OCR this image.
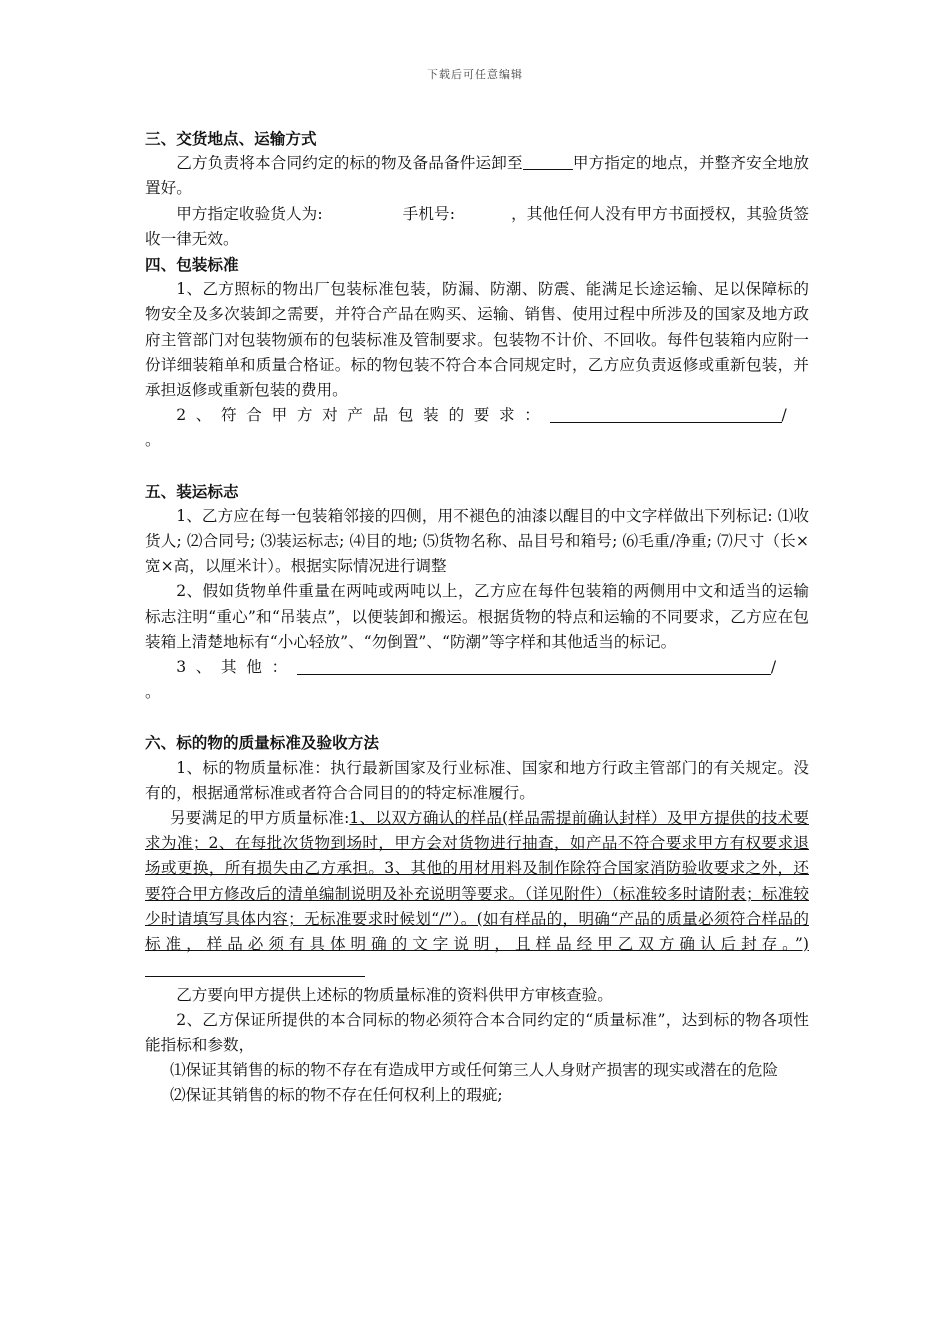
下载后可任意编辑

三、交货地点、运输方式

乙方负责将本合同约定的标的物及备品备件运卸至	甲方指定的地点，并整齐安全地放置好。

甲方指定收验货人为:	手机号:	，其他任何人没有甲方书面授权，其验货签收一律无效。

四、包装标准

1、乙方照标的物出厂包装标准包装，防漏、防潮、防震、能满足长途运输、足以保障标的物安全及多次装卸之需要，并符合产品在购买、运输、销售、使用过程中所涉及的国家及地方政府主管部门对包装物颁布的包装标准及管制要求。包装物不计价、不回收。每件包装箱内应附一份详细装箱单和质量合格证。标的物包装不符合本合同规定时，乙方应负责返修或重新包装，并承担返修或重新包装的费用。

2、符合甲方对产品包装的要求：	/

。

五、装运标志

1、乙方应在每一包装箱邻接的四侧，用不褪色的油漆以醒目的中文字样做出下列标记: ⑴收货人; ⑵合同号; ⑶装运标志; ⑷目的地; ⑸货物名称、品目号和箱号; ⑹毛重/净重; ⑺尺寸（长×宽×高，以厘米计）。根据实际情况进行调整

2、假如货物单件重量在两吨或两吨以上，乙方应在每件包装箱的两侧用中文和适当的运输标志注明“重心”和“吊装点”，以便装卸和搬运。根据货物的特点和运输的不同要求，乙方应在包装箱上清楚地标有“小心轻放”、“勿倒置”、“防潮”等字样和其他适当的标记。

3、其他：	/

。

六、标的物的质量标准及验收方法

1、标的物质量标准：执行最新国家及行业标准、国家和地方行政主管部门的有关规定。没有的，根据通常标准或者符合合同目的的特定标准履行。

另要满足的甲方质量标准:1、以双方确认的样品(样品需提前确认封样）及甲方提供的技术要求为准；2、在每批次货物到场时，甲方会对货物进行抽查，如产品不符合要求甲方有权要求退场或更换，所有损失由乙方承担。3、其他的用材用料及制作除符合国家消防验收要求之外，还要符合甲方修改后的清单编制说明及补充说明等要求。（详见附件）（标准较多时请附表；标准较少时请填写具体内容；无标准要求时候划“/”）。(如有样品的，明确“产品的质量必须符合样品的标准，样品必须有具体明确的文字说明，且样品经甲乙双方确认后封存。”)

乙方要向甲方提供上述标的物质量标准的资料供甲方审核查验。

2、乙方保证所提供的本合同标的物必须符合本合同约定的“质量标准”，达到标的物各项性能指标和参数，

⑴保证其销售的标的物不存在有造成甲方或任何第三人人身财产损害的现实或潜在的危险

⑵保证其销售的标的物不存在任何权利上的瑕疵;
